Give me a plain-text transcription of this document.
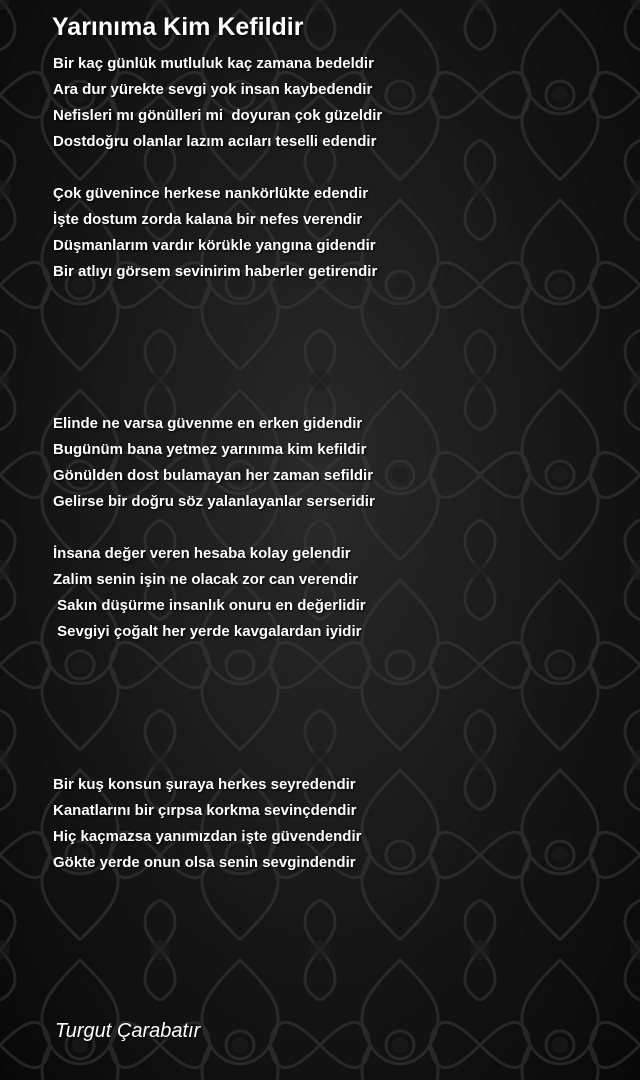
Yarınıma Kim Kefildir
Bir kaç günlük mutluluk kaç zamana bedeldir
Ara dur yürekte sevgi yok insan kaybedendir
Nefisleri mı gönülleri mi  doyuran çok güzeldir
Dostdoğru olanlar lazım acıları teselli edendir
Çok güvenince herkese nankörlükte edendir
İşte dostum zorda kalana bir nefes verendir
Düşmanlarım vardır körükle yangına gidendir
Bir atlıyı görsem sevinirim haberler getirendir
Elinde ne varsa güvenme en erken gidendir
Bugünüm bana yetmez yarınıma kim kefildir
Gönülden dost bulamayan her zaman sefildir
Gelirse bir doğru söz yalanlayanlar serseridir
İnsana değer veren hesaba kolay gelendir
Zalim senin işin ne olacak zor can verendir
Sakın düşürme insanlık onuru en değerlidir
Sevgiyi çoğalt her yerde kavgalardan iyidir
Bir kuş konsun şuraya herkes seyredendir
Kanatlarını bir çırpsa korkma sevinçdendir
Hiç kaçmazsa yanımızdan işte güvendendir
Gökte yerde onun olsa senin sevgindendir

Turgut Çarabatır
